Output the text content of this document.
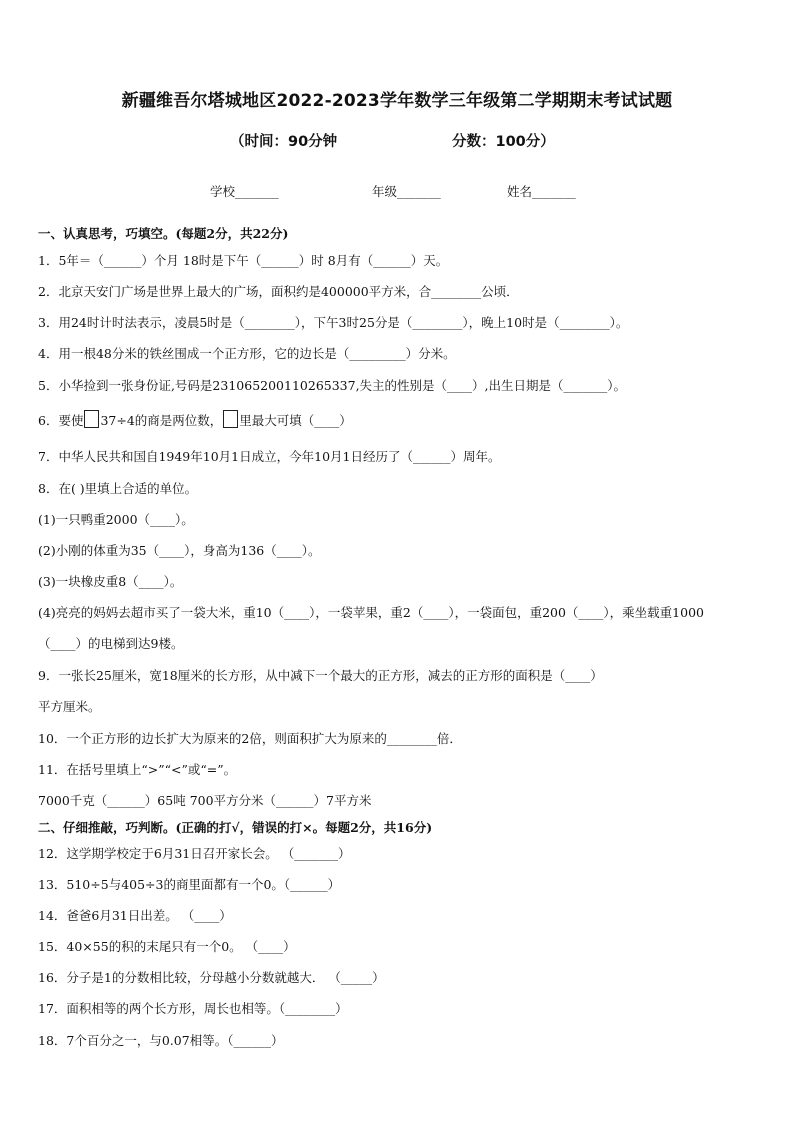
新疆维吾尔塔城地区2022-2023学年数学三年级第二学期期末考试试题
（时间：90分钟	分数：100分）
学校_______	年级_______	姓名_______
一、认真思考，巧填空。(每题2分，共22分)
1．5年＝（______）个月 18时是下午（______）时 8月有（______）天。
2．北京天安门广场是世界上最大的广场，面积约是400000平方米，合________公顷．
3．用24时计时法表示，凌晨5时是（________），下午3时25分是（________），晚上10时是（________）。
4．用一根48分米的铁丝围成一个正方形，它的边长是（_________）分米。
5．小华捡到一张身份证,号码是231065200110265337,失主的性别是（____）,出生日期是（_______）。
6．要使 37÷4的商是两位数， 里最大可填（____）
7．中华人民共和国自1949年10月1日成立，今年10月1日经历了（______）周年。
8．在( )里填上合适的单位。
(1)一只鸭重2000（____）。
(2)小刚的体重为35（____），身高为136（____）。
(3)一块橡皮重8（____）。
(4)亮亮的妈妈去超市买了一袋大米，重10（____），一袋苹果，重2（____），一袋面包，重200（____），乘坐载重1000
（____）的电梯到达9楼。
9．一张长25厘米，宽18厘米的长方形，从中减下一个最大的正方形，减去的正方形的面积是（____）
平方厘米。
10．一个正方形的边长扩大为原来的2倍，则面积扩大为原来的________倍．
11．在括号里填上“>”“<”或“=”。
7000千克（______）65吨 700平方分米（______）7平方米
二、仔细推敲，巧判断。(正确的打√，错误的打×。每题2分，共16分)
12．这学期学校定于6月31日召开家长会。 （_______）
13．510÷5与405÷3的商里面都有一个0。（______）
14．爸爸6月31日出差。 （____）
15．40×55的积的末尾只有一个0。 （____）
16．分子是1的分数相比较，分母越小分数就越大． （_____）
17．面积相等的两个长方形，周长也相等。（________）
18．7个百分之一，与0.07相等。（______）
